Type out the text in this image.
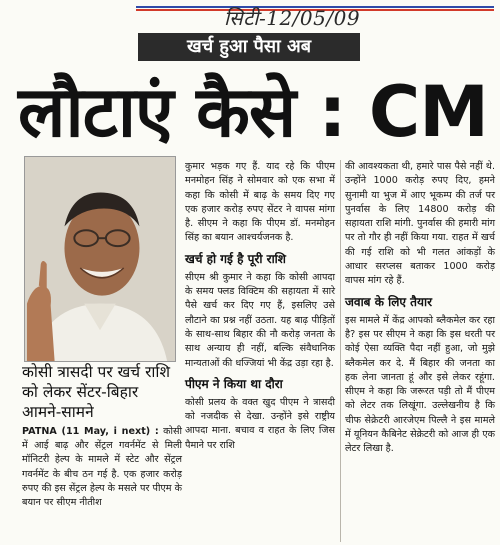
सिटी-12/05/09
खर्च हुआ पैसा अब
लौटाएं कैसे : CM
कोसी त्रासदी पर खर्च राशि को लेकर सेंटर-बिहार आमने-सामने
PATNA (11 May, i next) : कोसी में आई बाढ़ और सेंट्रल गवर्नमेंट से मिली मॉनिटरी हेल्प के मामले में स्टेट और सेंट्रल गवर्नमेंट के बीच ठन गई है. एक हजार करोड़ रुपए की इस सेंट्रल हेल्प के मसले पर पीएम के बयान पर सीएम नीतीश

कुमार भड़क गए हैं. याद रहे कि पीएम मनमोहन सिंह ने सोमवार को एक सभा में कहा कि कोसी में बाढ़ के समय दिए गए एक हजार करोड़ रुपए सेंटर ने वापस मांगा है. सीएम ने कहा कि पीएम डॉ. मनमोहन सिंह का बयान आश्चर्यजनक है.

खर्च हो गई है पूरी राशि

सीएम श्री कुमार ने कहा कि कोसी आपदा के समय फ्लड विक्टिम की सहायता में सारे पैसे खर्च कर दिए गए हैं, इसलिए उसे लौटाने का प्रश्न नहीं उठता. यह बाढ़ पीड़ितों के साथ-साथ बिहार की नौ करोड़ जनता के साथ अन्याय ही नहीं, बल्कि संवैधानिक मान्यताओं की धज्जियां भी केंद्र उड़ा रहा है.

पीएम ने किया था दौरा

कोसी प्रलय के वक्त खुद पीएम ने त्रासदी को नजदीक से देखा. उन्होंने इसे राष्ट्रीय आपदा माना. बचाव व राहत के लिए जिस पैमाने पर राशि

की आवश्यकता थी, हमारे पास पैसे नहीं थे. उन्होंने 1000 करोड़ रुपए दिए, हमने सुनामी या भुज में आए भूकम्प की तर्ज पर पुनर्वास के लिए 14800 करोड़ की सहायता राशि मांगी. पुनर्वास की हमारी मांग पर तो गौर ही नहीं किया गया. राहत में खर्च की गई राशि को भी गलत आंकड़ों के आधार सरप्लस बताकर 1000 करोड़ वापस मांग रहे हैं.

जवाब के लिए तैयार

इस मामले में केंद्र आपको ब्लैकमेल कर रहा है? इस पर सीएम ने कहा कि इस धरती पर कोई ऐसा व्यक्ति पैदा नहीं हुआ, जो मुझे ब्लैकमेल कर दे. मैं बिहार की जनता का हक लेना जानता हूं और इसे लेकर रहूंगा. सीएम ने कहा कि जरूरत पड़ी तो मैं पीएम को लेटर तक लिखूंगा. उल्लेखनीय है कि चीफ सेक्रेटरी आरजेएम पिल्लै ने इस मामले में यूनियन कैबिनेट सेक्रेटरी को आज ही एक लेटर लिखा है.
